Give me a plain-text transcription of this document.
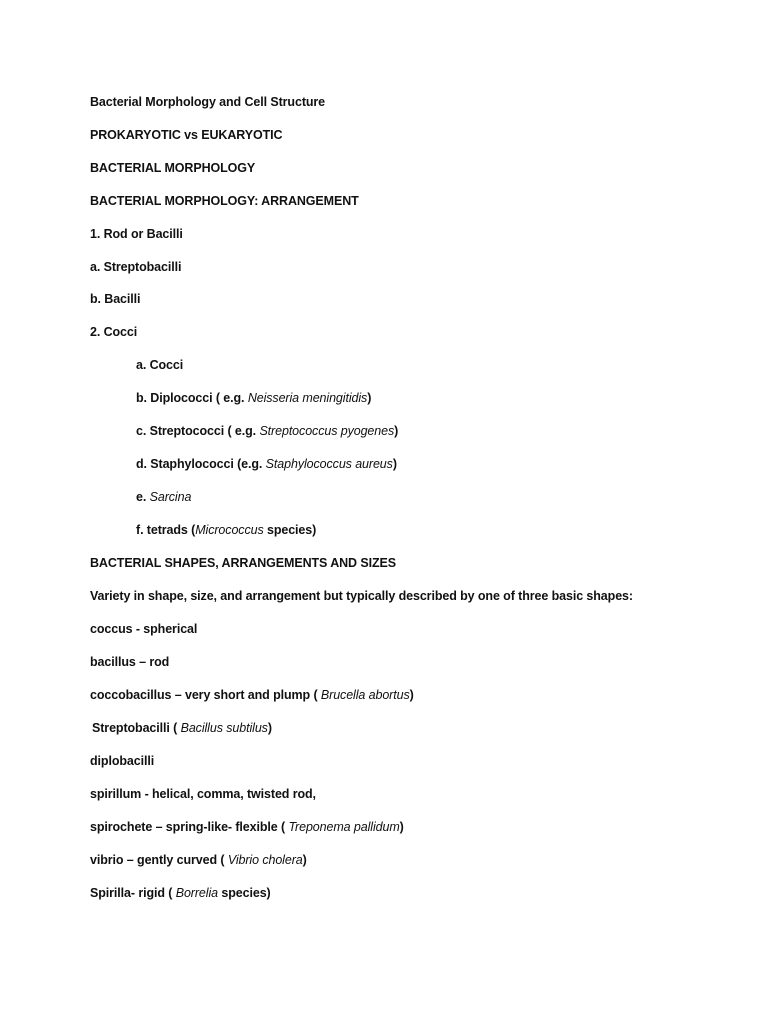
Bacterial Morphology and Cell Structure
PROKARYOTIC vs EUKARYOTIC
BACTERIAL MORPHOLOGY
BACTERIAL MORPHOLOGY: ARRANGEMENT
1. Rod or Bacilli
a. Streptobacilli
b. Bacilli
2. Cocci
a. Cocci
b. Diplococci ( e.g. Neisseria meningitidis)
c. Streptococci ( e.g. Streptococcus pyogenes)
d. Staphylococci (e.g. Staphylococcus aureus)
e. Sarcina
f. tetrads (Micrococcus species)
BACTERIAL SHAPES, ARRANGEMENTS AND SIZES
Variety in shape, size, and arrangement but typically described by one of three basic shapes:
coccus - spherical
bacillus – rod
coccobacillus – very short and plump ( Brucella abortus)
Streptobacilli ( Bacillus subtilus)
diplobacilli
spirillum - helical, comma, twisted rod,
spirochete – spring-like- flexible ( Treponema pallidum)
vibrio – gently curved ( Vibrio cholera)
Spirilla- rigid ( Borrelia species)
